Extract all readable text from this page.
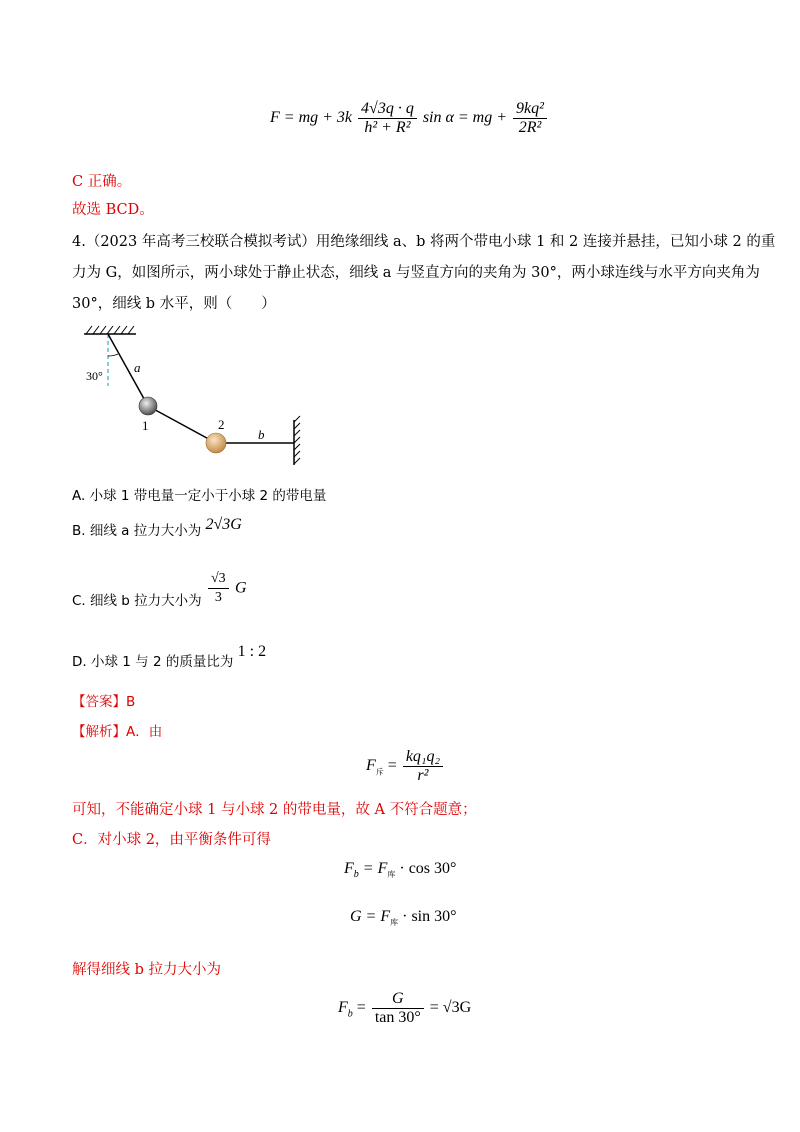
F = mg + $3k \frac{4√3q \cdot q}{\text{h² + R²}}$ sin α = mg + $\frac{\text{9kq²}}{\text{2R²}}$
C 正确。
故选 BCD。
4.（2023 年高考三校联合模拟考试）用绝缘细线 a、b 将两个带电小球 1 和 2 连接并悬挂，已知小球 2 的重
力为 G，如图所示，两小球处于静止状态，细线 a 与竖直方向的夹角为 30°，两小球连线与水平方向夹角为
30°，细线 b 水平，则（　　）
30°
a
b
1	2
A. 小球 1 带电量一定小于小球 2 的带电量
B. 细线 a 拉力大小为 2√3G
C. 细线 b 拉力大小为 $\frac{√3}{3}$ G
D. 小球 1 与 2 的质量比为 1 : 2
【答案】B
【解析】A．由
$F_斥 = \frac{\text{kq₁q₂}}{\text{r²}}$
可知，不能确定小球 1 与小球 2 的带电量，故 A 不符合题意；
C．对小球 2，由平衡条件可得
$F_b = F_库 \cdot \cos 30^\circ$
$G = F_库 \cdot \sin 30^\circ$
解得细线 b 拉力大小为
$F_b = \frac{G}{\tan 30^\circ} = √3G$
